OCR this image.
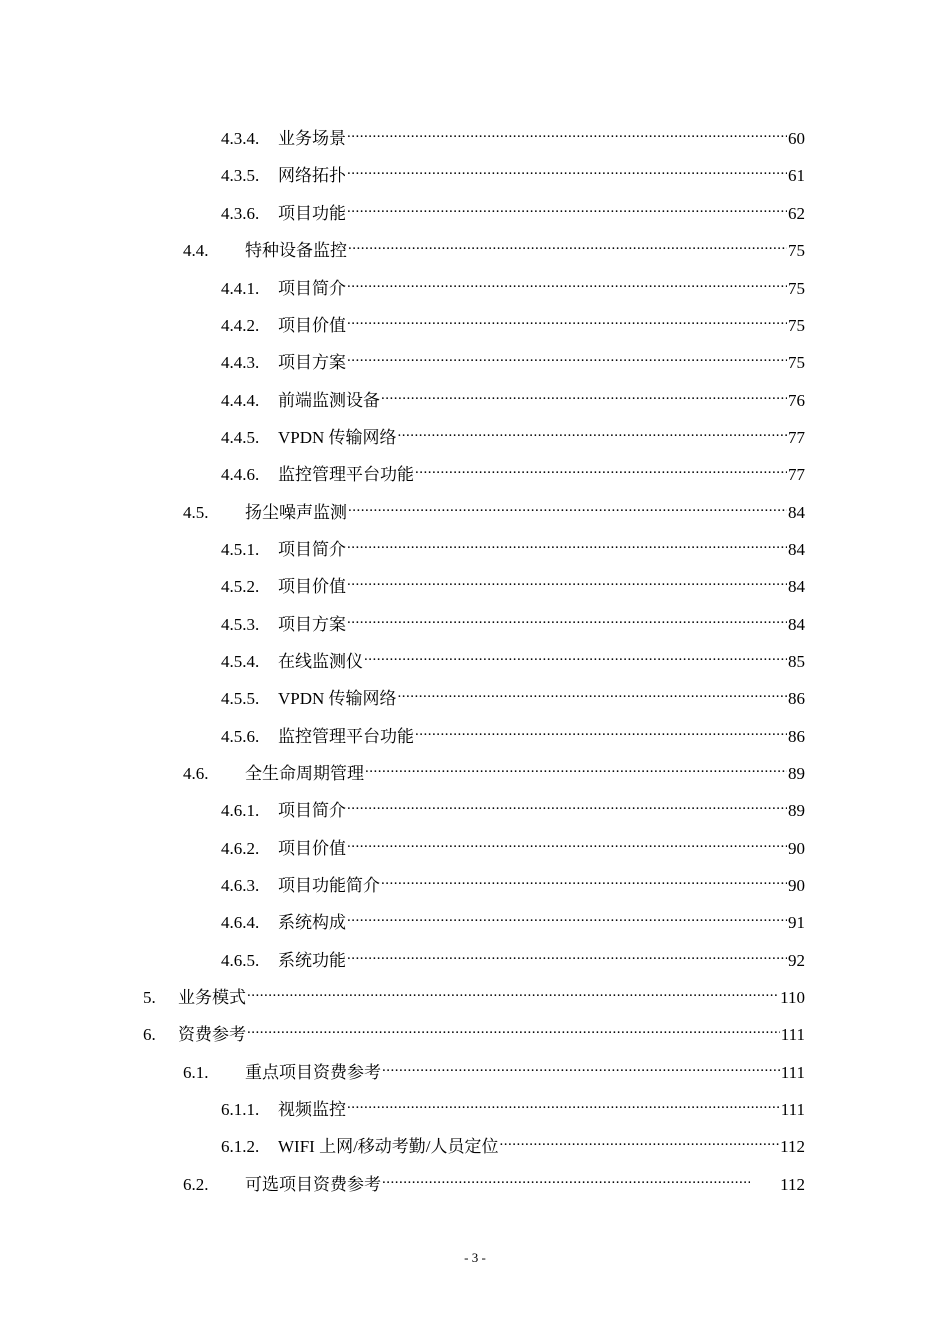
4.3.4.	业务场景 .....	60
4.3.5.	网络拓扑 .....	61
4.3.6.	项目功能 .....	62
4.4.	特种设备监控 .....	75
4.4.1.	项目简介 .....	75
4.4.2.	项目价值 .....	75
4.4.3.	项目方案 .....	75
4.4.4.	前端监测设备 .....	76
4.4.5.	VPDN 传输网络 .....	77
4.4.6.	监控管理平台功能 .....	77
4.5.	扬尘噪声监测 .....	84
4.5.1.	项目简介 .....	84
4.5.2.	项目价值 .....	84
4.5.3.	项目方案 .....	84
4.5.4.	在线监测仪 .....	85
4.5.5.	VPDN 传输网络 .....	86
4.5.6.	监控管理平台功能 .....	86
4.6.	全生命周期管理 .....	89
4.6.1.	项目简介 .....	89
4.6.2.	项目价值 .....	90
4.6.3.	项目功能简介 .....	90
4.6.4.	系统构成 .....	91
4.6.5.	系统功能 .....	92
5.	业务模式 .....	110
6.	资费参考 .....	111
6.1.	重点项目资费参考 .....	111
6.1.1.	视频监控 .....	111
6.1.2.	WIFI 上网/移动考勤/人员定位 .....	112
6.2.	可选项目资费参考 .....	112
- 3 -
